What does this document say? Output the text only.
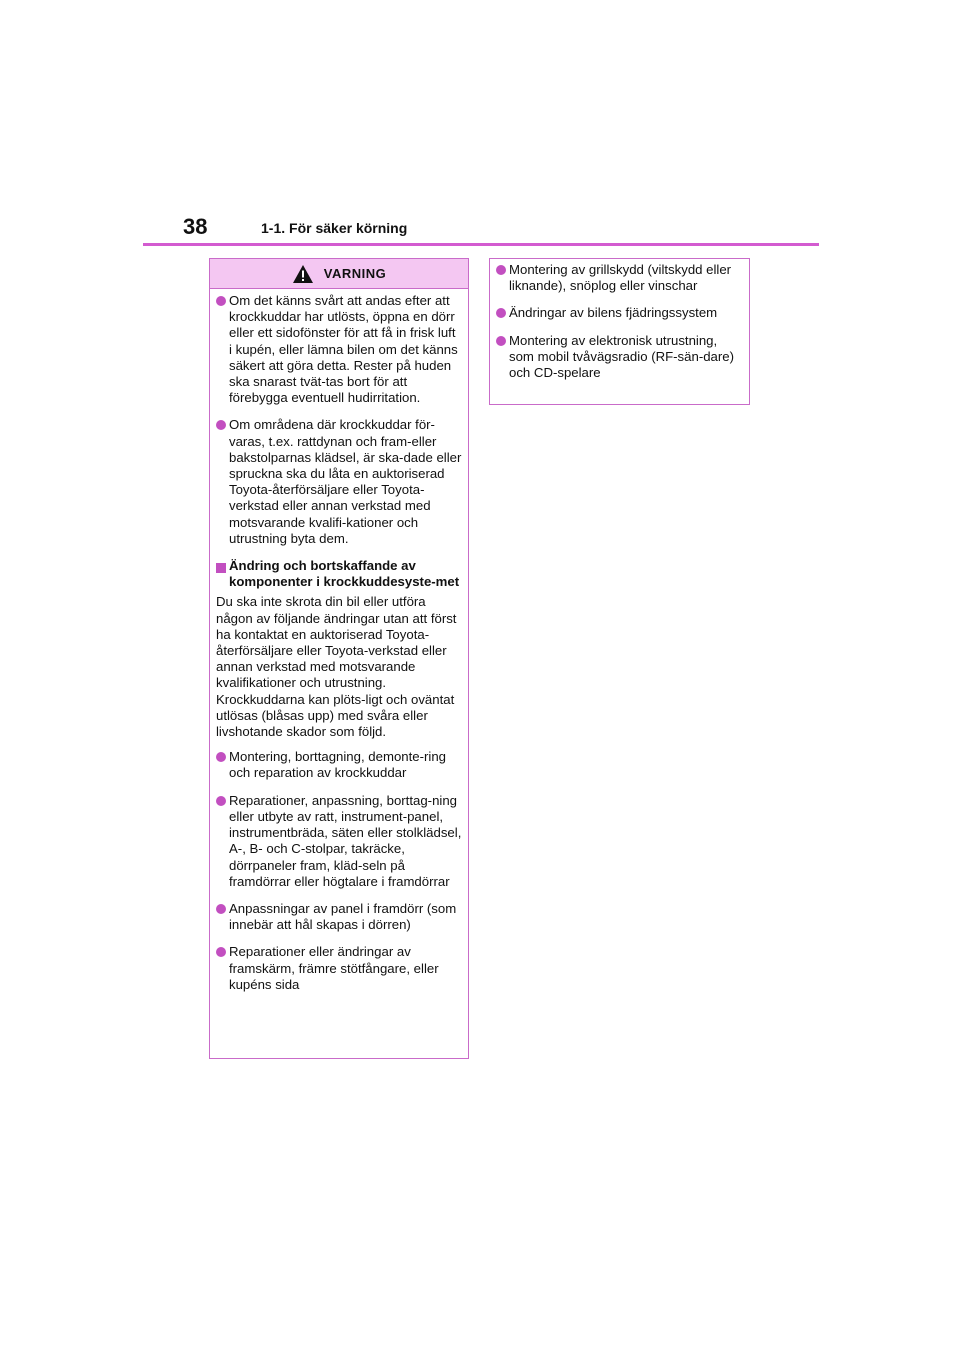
38	1-1. För säker körning
VARNING
Om det känns svårt att andas efter att krockkuddar har utlösts, öppna en dörr eller ett sidofönster för att få in frisk luft i kupén, eller lämna bilen om det känns säkert att göra detta. Rester på huden ska snarast tvät-tas bort för att förebygga eventuell hudirritation.
Om områdena där krockkuddar för-varas, t.ex. rattdynan och fram-eller bakstolparnas klädsel, är ska-dade eller spruckna ska du låta en auktoriserad Toyota-återförsäljare eller Toyota-verkstad eller annan verkstad med motsvarande kvalifi-kationer och utrustning byta dem.
Ändring och bortskaffande av komponenter i krockkuddesyste-met
Du ska inte skrota din bil eller utföra någon av följande ändringar utan att först ha kontaktat en auktoriserad Toyota-återförsäljare eller Toyota-verkstad eller annan verkstad med motsvarande kvalifikationer och utrustning. Krockkuddarna kan plöts-ligt och oväntat utlösas (blåsas upp) med svåra eller livshotande skador som följd.
Montering, borttagning, demonte-ring och reparation av krockkuddar
Reparationer, anpassning, borttag-ning eller utbyte av ratt, instrument-panel, instrumentbräda, säten eller stolklädsel, A-, B- och C-stolpar, takräcke, dörrpaneler fram, kläd-seln på framdörrar eller högtalare i framdörrar
Anpassningar av panel i framdörr (som innebär att hål skapas i dörren)
Reparationer eller ändringar av framskärm, främre stötfångare, eller kupéns sida
Montering av grillskydd (viltskydd eller liknande), snöplog eller vinschar
Ändringar av bilens fjädringssystem
Montering av elektronisk utrustning, som mobil tvåvägsradio (RF-sän-dare) och CD-spelare
